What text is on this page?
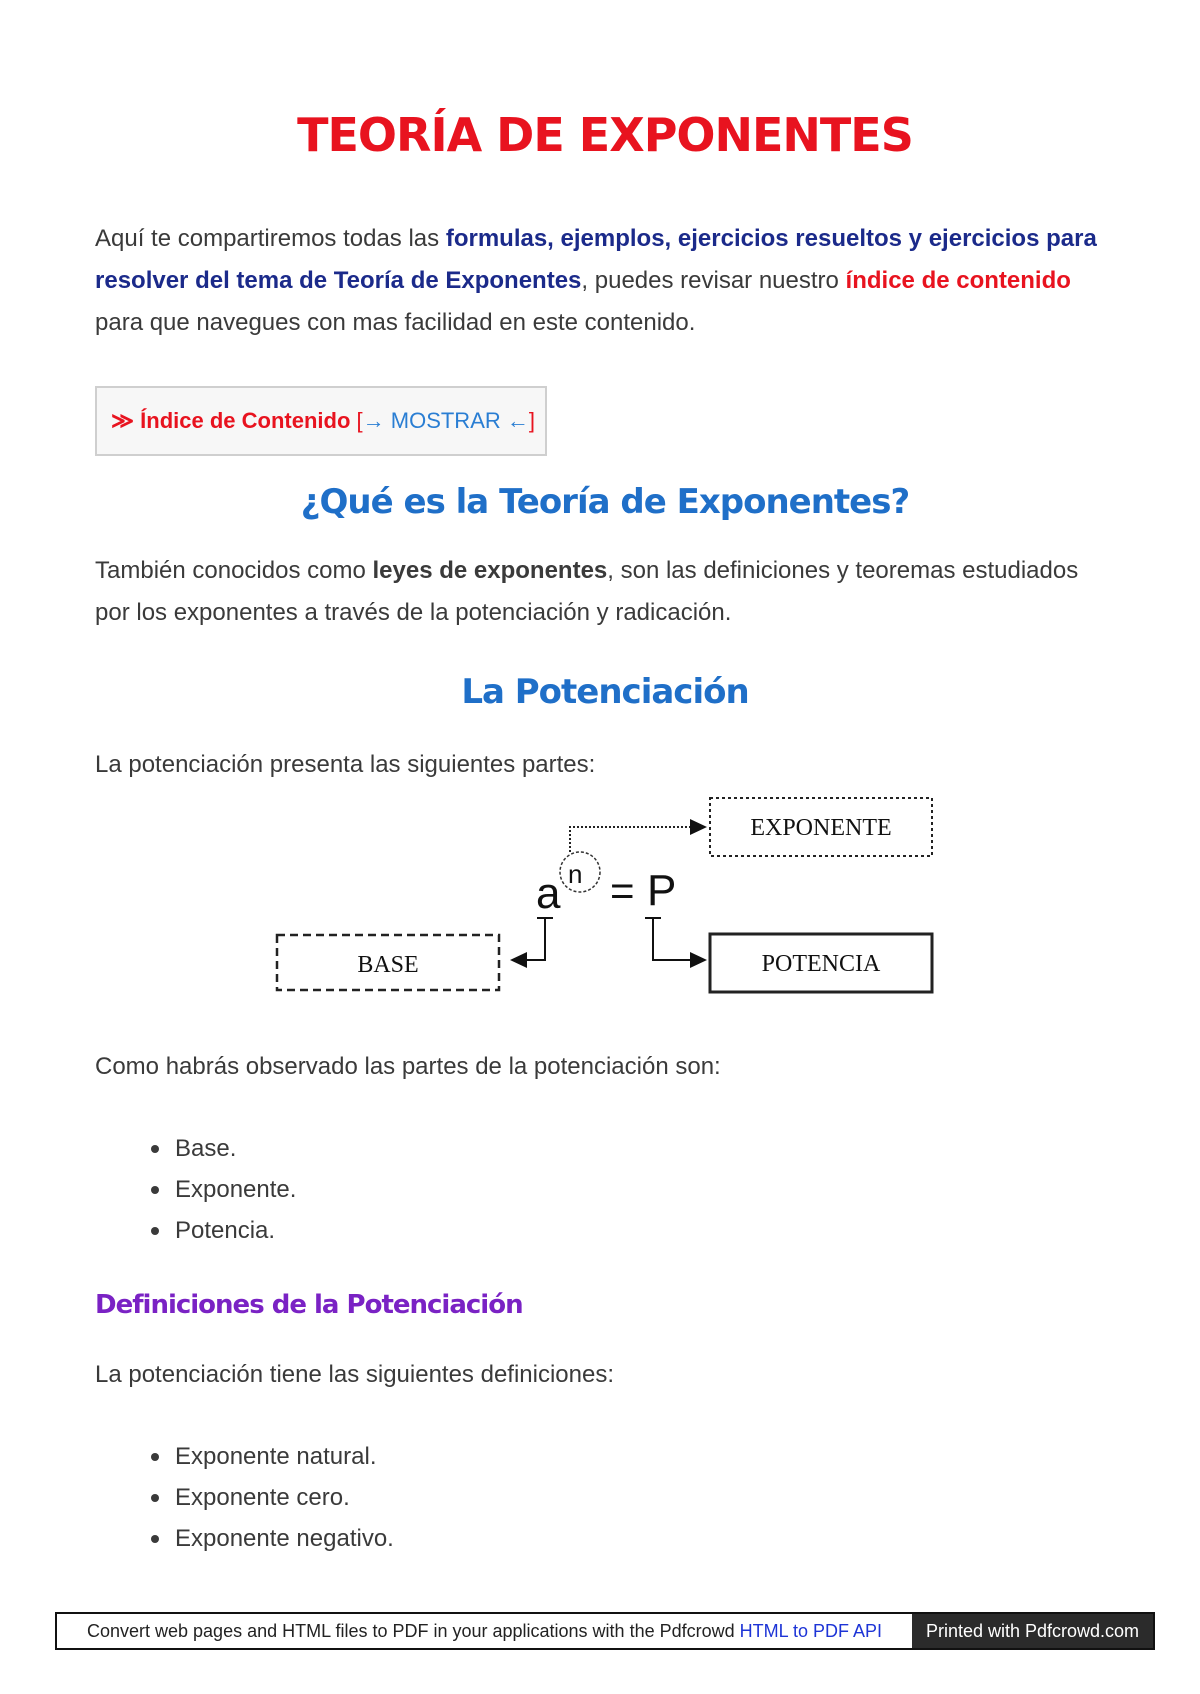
TEORÍA DE EXPONENTES

Aquí te compartiremos todas las formulas, ejemplos, ejercicios resueltos y ejercicios para resolver del tema de Teoría de Exponentes, puedes revisar nuestro índice de contenido para que navegues con mas facilidad en este contenido.

≫ Índice de Contenido [→ MOSTRAR ←]
¿Qué es la Teoría de Exponentes?

También conocidos como leyes de exponentes, son las definiciones y teoremas estudiados por los exponentes a través de la potenciación y radicación.

La Potenciación

La potenciación presenta las siguientes partes:

EXPONENTE
BASE	POTENCIA
a n = P

Como habrás observado las partes de la potenciación son:

Base.
Exponente.
Potencia.
Definiciones de la Potenciación

La potenciación tiene las siguientes definiciones:

Exponente natural.
Exponente cero.
Exponente negativo.
Convert web pages and HTML files to PDF in your applications with the Pdfcrowd HTML to PDF API	Printed with Pdfcrowd.com
